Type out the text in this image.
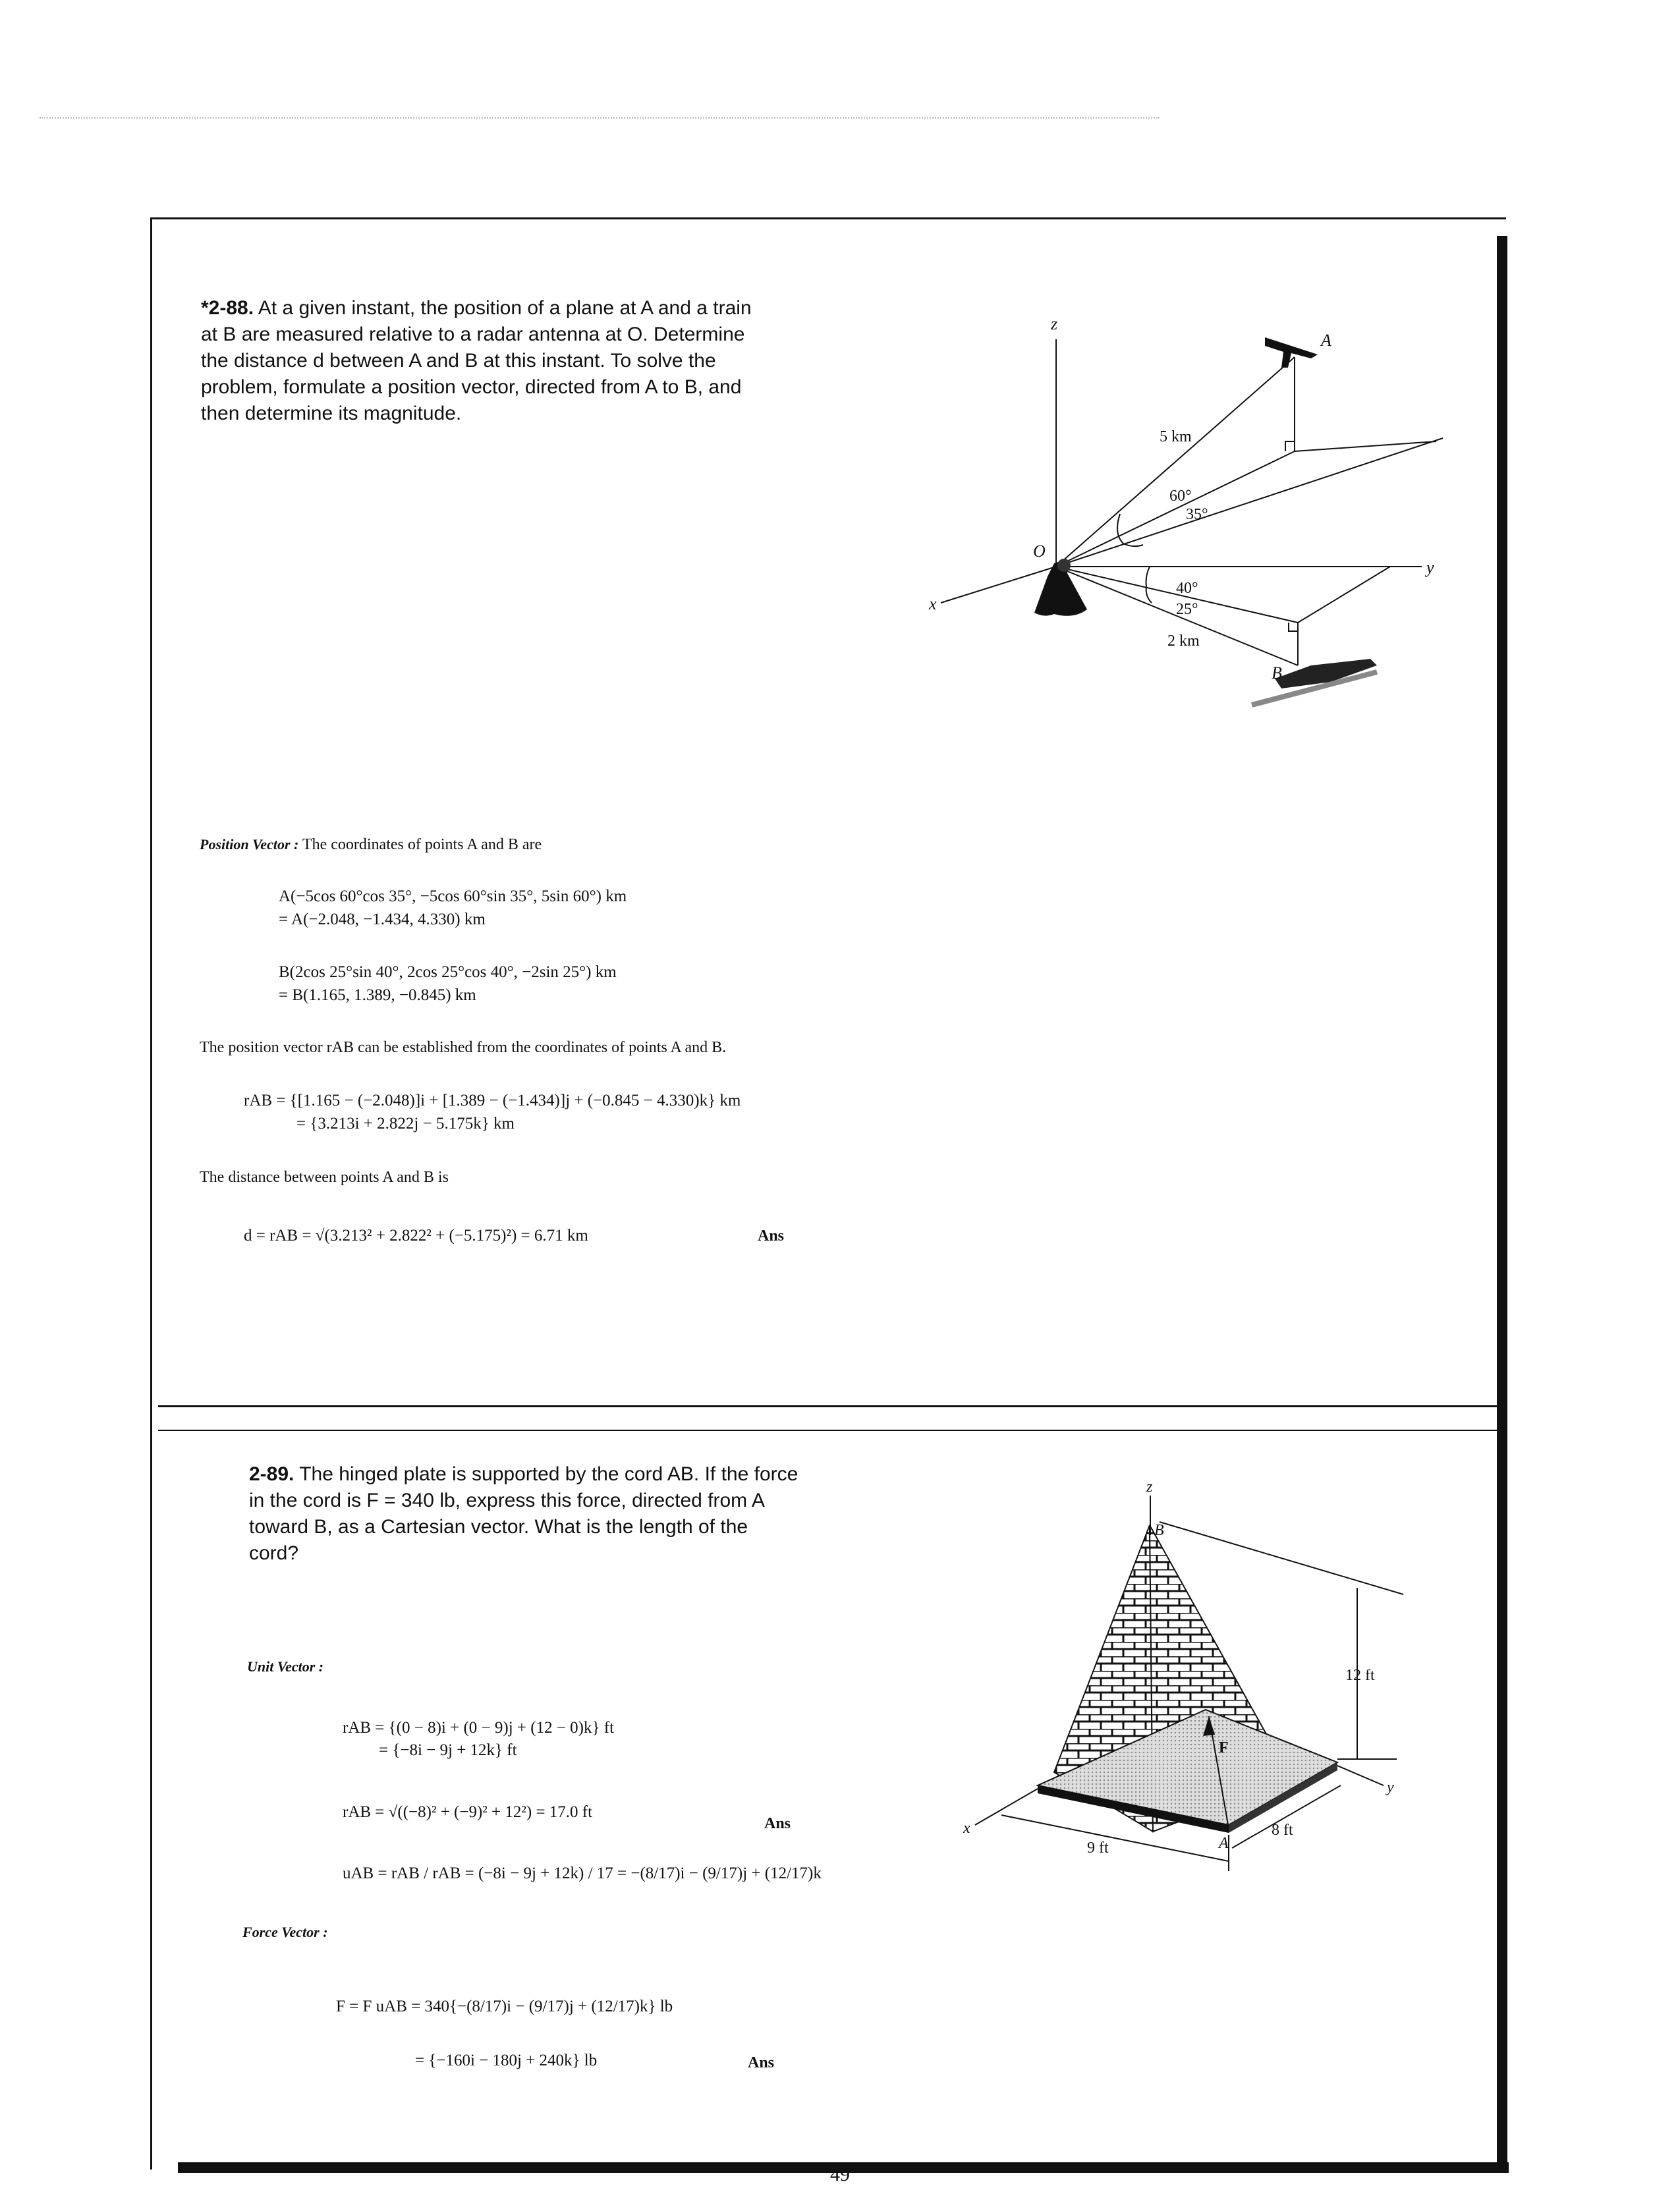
*2-88. At a given instant, the position of a plane at A and a train at B are measured relative to a radar antenna at O. Determine the distance d between A and B at this instant. To solve the problem, formulate a position vector, directed from A to B, and then determine its magnitude.
z
x
y
O
A
B
5 km
2 km
60°
35°
40°
25°
Position Vector : The coordinates of points A and B are
A(−5cos 60°cos 35°, −5cos 60°sin 35°, 5sin 60°) km
= A(−2.048, −1.434, 4.330) km
B(2cos 25°sin 40°, 2cos 25°cos 40°, −2sin 25°) km
= B(1.165, 1.389, −0.845) km
The position vector rAB can be established from the coordinates of points A and B.
rAB = {[1.165 − (−2.048)]i + [1.389 − (−1.434)]j + (−0.845 − 4.330)k} km
= {3.213i + 2.822j − 5.175k} km
The distance between points A and B is
d = rAB = √(3.213² + 2.822² + (−5.175)²) = 6.71 km	Ans
2-89. The hinged plate is supported by the cord AB. If the force in the cord is F = 340 lb, express this force, directed from A toward B, as a Cartesian vector. What is the length of the cord?
z
x
y
B
A
F
12 ft
9 ft
8 ft
Unit Vector :
rAB = {(0 − 8)i + (0 − 9)j + (12 − 0)k} ft
= {−8i − 9j + 12k} ft
rAB = √((−8)² + (−9)² + 12²) = 17.0 ft
Ans
uAB = rAB / rAB = (−8i − 9j + 12k) / 17 = −(8/17)i − (9/17)j + (12/17)k
Force Vector :
F = F uAB = 340{−(8/17)i − (9/17)j + (12/17)k} lb
= {−160i − 180j + 240k} lb	Ans
49
